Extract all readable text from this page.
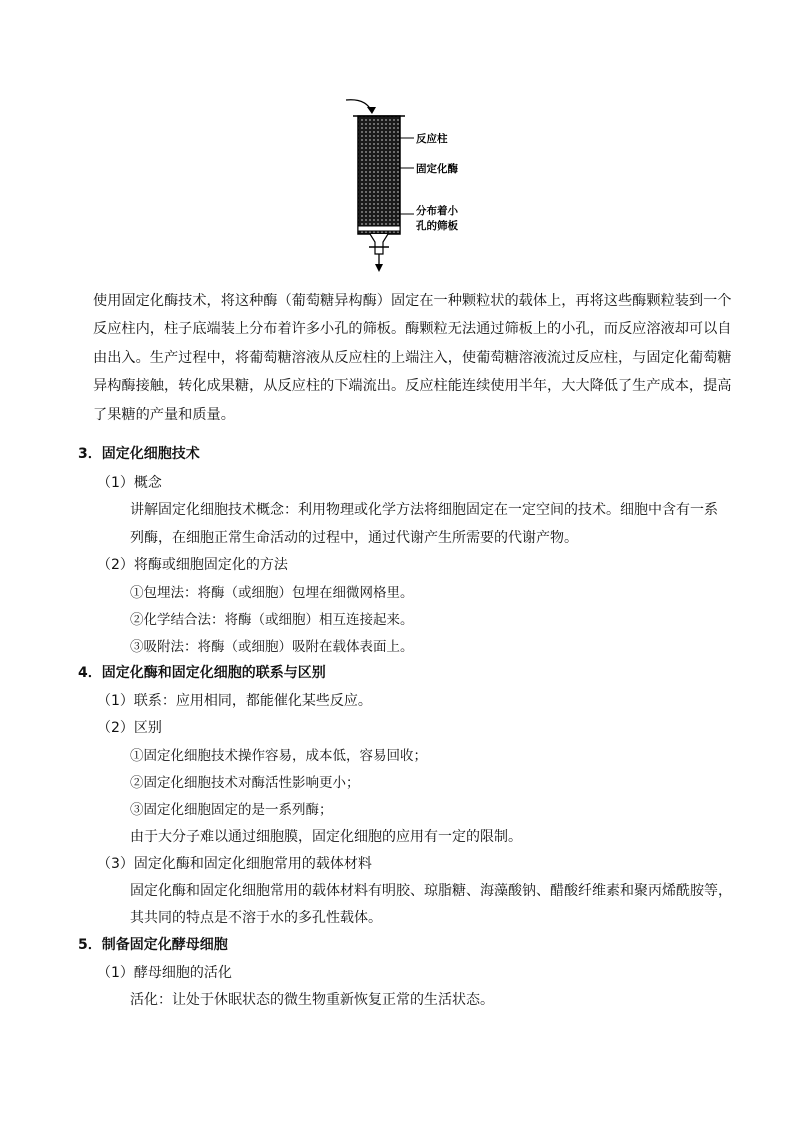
反应柱
固定化酶
分布着小
孔的筛板

使用固定化酶技术，将这种酶（葡萄糖异构酶）固定在一种颗粒状的载体上，再将这些酶颗粒装到一个反应柱内，柱子底端装上分布着许多小孔的筛板。酶颗粒无法通过筛板上的小孔，而反应溶液却可以自由出入。生产过程中，将葡萄糖溶液从反应柱的上端注入，使葡萄糖溶液流过反应柱，与固定化葡萄糖异构酶接触，转化成果糖，从反应柱的下端流出。反应柱能连续使用半年，大大降低了生产成本，提高了果糖的产量和质量。

3．固定化细胞技术
（1）概念
讲解固定化细胞技术概念：利用物理或化学方法将细胞固定在一定空间的技术。细胞中含有一系
列酶，在细胞正常生命活动的过程中，通过代谢产生所需要的代谢产物。
（2）将酶或细胞固定化的方法
①包埋法：将酶（或细胞）包埋在细微网格里。
②化学结合法：将酶（或细胞）相互连接起来。
③吸附法：将酶（或细胞）吸附在载体表面上。
4．固定化酶和固定化细胞的联系与区别
（1）联系：应用相同，都能催化某些反应。
（2）区别
①固定化细胞技术操作容易，成本低，容易回收；
②固定化细胞技术对酶活性影响更小；
③固定化细胞固定的是一系列酶；
由于大分子难以通过细胞膜，固定化细胞的应用有一定的限制。
（3）固定化酶和固定化细胞常用的载体材料
固定化酶和固定化细胞常用的载体材料有明胶、琼脂糖、海藻酸钠、醋酸纤维素和聚丙烯酰胺等，
其共同的特点是不溶于水的多孔性载体。
5．制备固定化酵母细胞
（1）酵母细胞的活化
活化：让处于休眠状态的微生物重新恢复正常的生活状态。
